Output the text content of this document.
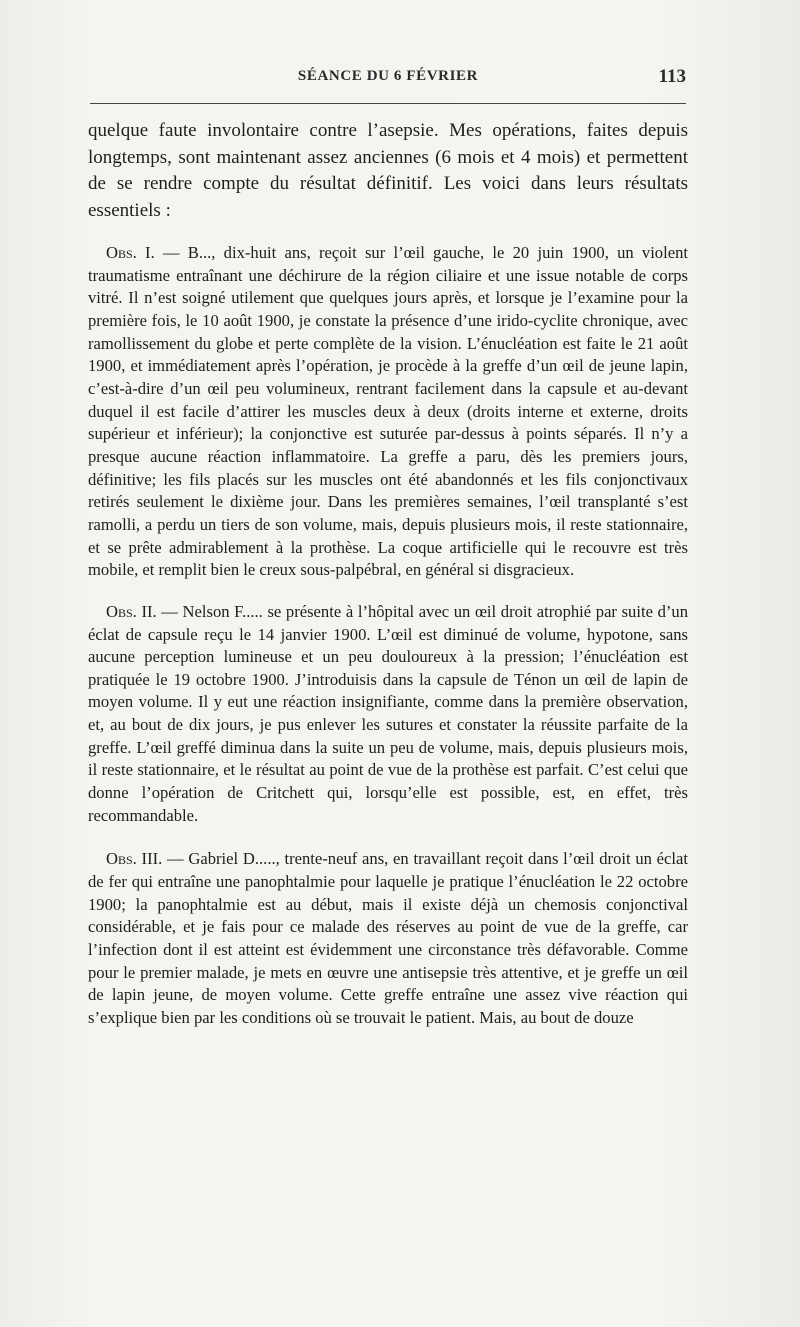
SÉANCE DU 6 FÉVRIER	113

quelque faute involontaire contre l’asepsie. Mes opérations, faites depuis longtemps, sont maintenant assez anciennes (6 mois et 4 mois) et permettent de se rendre compte du résultat définitif. Les voici dans leurs résultats essentiels :

Obs. I. — B..., dix-huit ans, reçoit sur l’œil gauche, le 20 juin 1900, un violent traumatisme entraînant une déchirure de la région ciliaire et une issue notable de corps vitré. Il n’est soigné utilement que quelques jours après, et lorsque je l’examine pour la première fois, le 10 août 1900, je constate la présence d’une irido-cyclite chronique, avec ramollissement du globe et perte complète de la vision. L’énucléation est faite le 21 août 1900, et immédiatement après l’opération, je procède à la greffe d’un œil de jeune lapin, c’est-à-dire d’un œil peu volumineux, rentrant facilement dans la capsule et au-devant duquel il est facile d’attirer les muscles deux à deux (droits interne et externe, droits supérieur et inférieur); la conjonctive est suturée par-dessus à points séparés. Il n’y a presque aucune réaction inflammatoire. La greffe a paru, dès les premiers jours, définitive; les fils placés sur les muscles ont été abandonnés et les fils conjonctivaux retirés seulement le dixième jour. Dans les premières semaines, l’œil transplanté s’est ramolli, a perdu un tiers de son volume, mais, depuis plusieurs mois, il reste stationnaire, et se prête admirablement à la prothèse. La coque artificielle qui le recouvre est très mobile, et remplit bien le creux sous-palpébral, en général si disgracieux.

Obs. II. — Nelson F..... se présente à l’hôpital avec un œil droit atrophié par suite d’un éclat de capsule reçu le 14 janvier 1900. L’œil est diminué de volume, hypotone, sans aucune perception lumineuse et un peu douloureux à la pression; l’énucléation est pratiquée le 19 octobre 1900. J’introduisis dans la capsule de Ténon un œil de lapin de moyen volume. Il y eut une réaction insignifiante, comme dans la première observation, et, au bout de dix jours, je pus enlever les sutures et constater la réussite parfaite de la greffe. L’œil greffé diminua dans la suite un peu de volume, mais, depuis plusieurs mois, il reste stationnaire, et le résultat au point de vue de la prothèse est parfait. C’est celui que donne l’opération de Critchett qui, lorsqu’elle est possible, est, en effet, très recommandable.

Obs. III. — Gabriel D....., trente-neuf ans, en travaillant reçoit dans l’œil droit un éclat de fer qui entraîne une panophtalmie pour laquelle je pratique l’énucléation le 22 octobre 1900; la panophtalmie est au début, mais il existe déjà un chemosis conjonctival considérable, et je fais pour ce malade des réserves au point de vue de la greffe, car l’infection dont il est atteint est évidemment une circonstance très défavorable. Comme pour le premier malade, je mets en œuvre une antisepsie très attentive, et je greffe un œil de lapin jeune, de moyen volume. Cette greffe entraîne une assez vive réaction qui s’explique bien par les conditions où se trouvait le patient. Mais, au bout de douze
